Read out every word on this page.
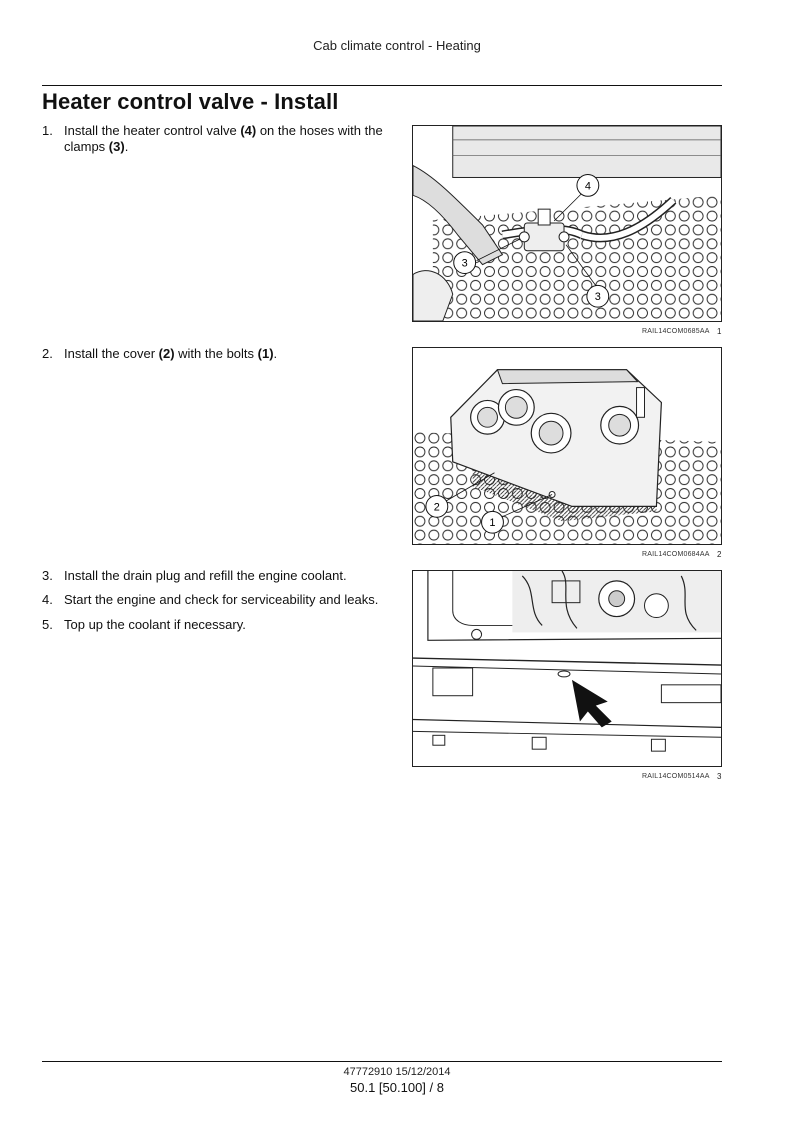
Cab climate control - Heating
Heater control valve - Install
1. Install the heater control valve (4) on the hoses with the clamps (3).
4
3
3
RAIL14COM0685AA 1
2. Install the cover (2) with the bolts (1).
2
1
RAIL14COM0684AA 2
3. Install the drain plug and refill the engine coolant.
4. Start the engine and check for serviceability and leaks.
5. Top up the coolant if necessary.
RAIL14COM0514AA 3
47772910 15/12/2014
50.1 [50.100] / 8
